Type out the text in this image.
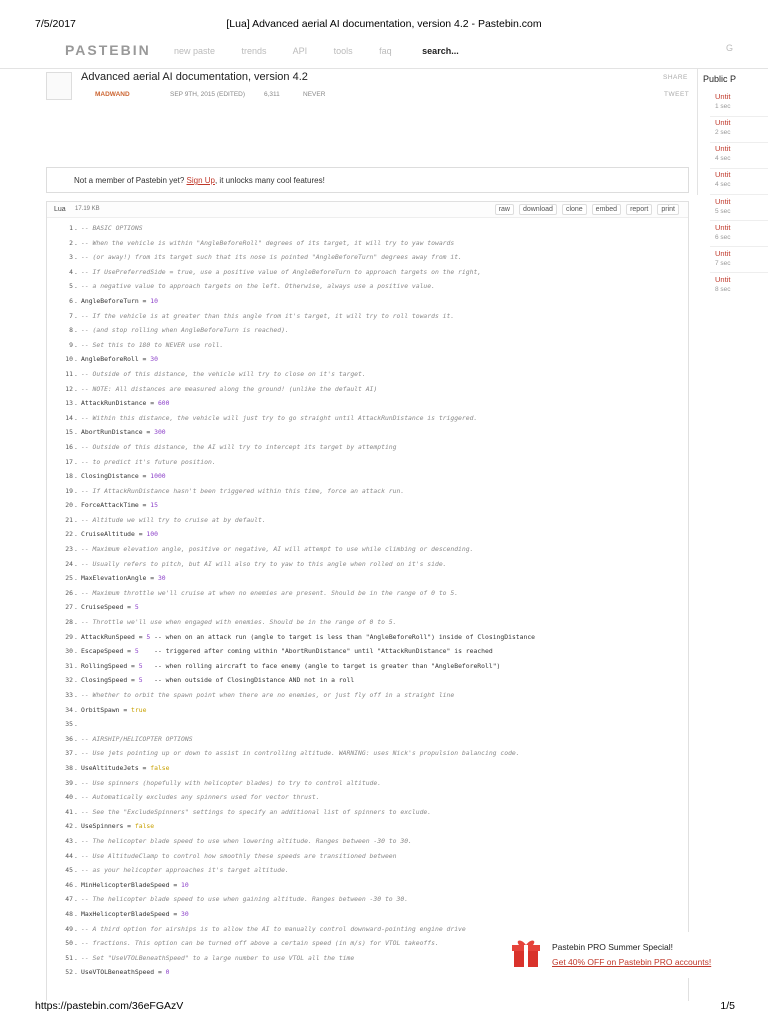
7/5/2017	[Lua] Advanced aerial AI documentation, version 4.2 - Pastebin.com
PASTEBIN	new paste	trends	API	tools	faq	search...	G
Advanced aerial AI documentation, version 4.2
MADWAND	SEP 9TH, 2015 (EDITED)	6,311	NEVER
SHARE
TWEET
Public P
Untit
1 sec
Untit
2 sec
Untit
4 sec
Untit
4 sec
Untit
5 sec
Untit
6 sec
Untit
7 sec
Untit
8 sec
Not a member of Pastebin yet? Sign Up, it unlocks many cool features!
Lua 17.19 KB	raw download clone embed report print
1 . -- BASIC OPTIONS
2 . -- When the vehicle is within "AngleBeforeRoll" degrees of its target, it will try to yaw towards
3 . -- (or away!) from its target such that its nose is pointed "AngleBeforeTurn" degrees away from it.
4 . -- If UsePreferredSide = true, use a positive value of AngleBeforeTurn to approach targets on the right,
5 . -- a negative value to approach targets on the left. Otherwise, always use a positive value.
6 . AngleBeforeTurn = 10
7 . -- If the vehicle is at greater than this angle from it's target, it will try to roll towards it.
8 . -- (and stop rolling when AngleBeforeTurn is reached).
9 . -- Set this to 180 to NEVER use roll.
10 . AngleBeforeRoll = 30
11 . -- Outside of this distance, the vehicle will try to close on it's target.
12 . -- NOTE: All distances are measured along the ground! (unlike the default AI)
13 . AttackRunDistance = 600
14 . -- Within this distance, the vehicle will just try to go straight until AttackRunDistance is triggered.
15 . AbortRunDistance = 300
16 . -- Outside of this distance, the AI will try to intercept its target by attempting
17 . -- to predict it's future position.
18 . ClosingDistance = 1000
19 . -- If AttackRunDistance hasn't been triggered within this time, force an attack run.
20 . ForceAttackTime = 15
21 . -- Altitude we will try to cruise at by default.
22 . CruiseAltitude = 100
23 . -- Maximum elevation angle, positive or negative, AI will attempt to use while climbing or descending.
24 . -- Usually refers to pitch, but AI will also try to yaw to this angle when rolled on it's side.
25 . MaxElevationAngle = 30
26 . -- Maximum throttle we'll cruise at when no enemies are present. Should be in the range of 0 to 5.
27 . CruiseSpeed = 5
28 . -- Throttle we'll use when engaged with enemies. Should be in the range of 0 to 5.
29 . AttackRunSpeed = 5 -- when on an attack run (angle to target is less than "AngleBeforeRoll") inside of ClosingDistance
30 . EscapeSpeed = 5    -- triggered after coming within "AbortRunDistance" until "AttackRunDistance" is reached
31 . RollingSpeed = 5   -- when rolling aircraft to face enemy (angle to target is greater than "AngleBeforeRoll")
32 . ClosingSpeed = 5   -- when outside of ClosingDistance AND not in a roll
33 . -- Whether to orbit the spawn point when there are no enemies, or just fly off in a straight line
34 . OrbitSpawn = true
35 .
36 . -- AIRSHIP/HELICOPTER OPTIONS
37 . -- Use jets pointing up or down to assist in controlling altitude. WARNING: uses Nick's propulsion balancing code.
38 . UseAltitudeJets = false
39 . -- Use spinners (hopefully with helicopter blades) to try to control altitude.
40 . -- Automatically excludes any spinners used for vector thrust.
41 . -- See the "ExcludeSpinners" settings to specify an additional list of spinners to exclude.
42 . UseSpinners = false
43 . -- The helicopter blade speed to use when lowering altitude. Ranges between -30 to 30.
44 . -- Use AltitudeClamp to control how smoothly these speeds are transitioned between
45 . -- as your helicopter approaches it's target altitude.
46 . MinHelicopterBladeSpeed = 10
47 . -- The helicopter blade speed to use when gaining altitude. Ranges between -30 to 30.
48 . MaxHelicopterBladeSpeed = 30
49 . -- A third option for airships is to allow the AI to manually control downward-pointing engine drive
50 . -- fractions. This option can be turned off above a certain speed (in m/s) for VTOL takeoffs.
51 . -- Set "UseVTOLBeneathSpeed" to a large number to use VTOL all the time
52 . UseVTOLBeneathSpeed = 0
Pastebin PRO Summer Special!
Get 40% OFF on Pastebin PRO accounts!
https://pastebin.com/36eFGAzV	1/5
